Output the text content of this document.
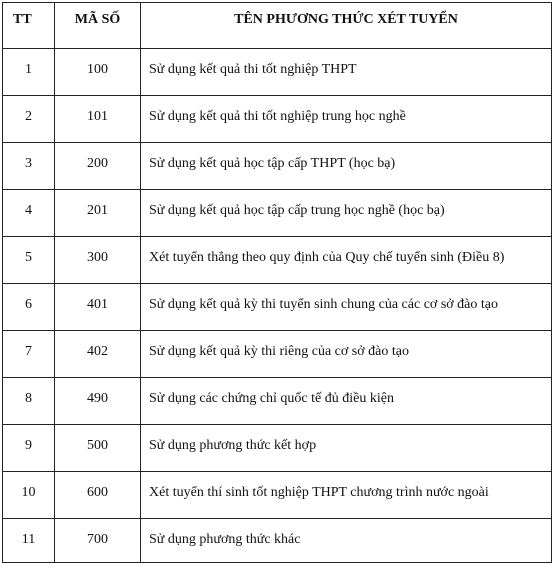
TT	MÃ SỐ	TÊN PHƯƠNG THỨC XÉT TUYỂN
1	100	Sử dụng kết quả thi tốt nghiệp THPT
2	101	Sử dụng kết quả thi tốt nghiệp trung học nghề
3	200	Sử dụng kết quả học tập cấp THPT (học bạ)
4	201	Sử dụng kết quả học tập cấp trung học nghề (học bạ)
5	300	Xét tuyển thẳng theo quy định của Quy chế tuyển sinh (Điều 8)
6	401	Sử dụng kết quả kỳ thi tuyển sinh chung của các cơ sở đào tạo
7	402	Sử dụng kết quả kỳ thi riêng của cơ sở đào tạo
8	490	Sử dụng các chứng chỉ quốc tế đủ điều kiện
9	500	Sử dụng phương thức kết hợp
10	600	Xét tuyển thí sinh tốt nghiệp THPT chương trình nước ngoài
11	700	Sử dụng phương thức khác
